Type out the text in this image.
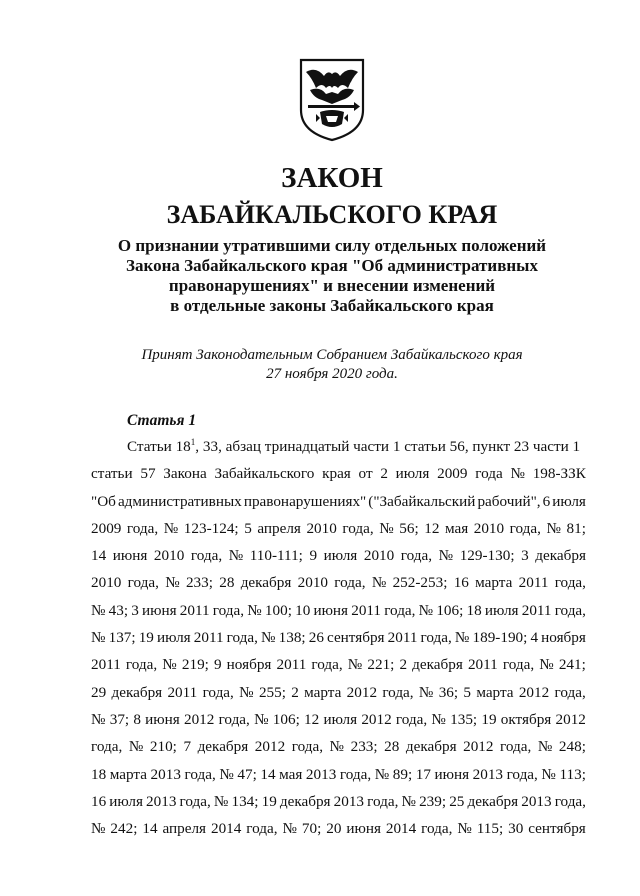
ЗАКОН
ЗАБАЙКАЛЬСКОГО КРАЯ
О признании утратившими силу отдельных положений
Закона Забайкальского края "Об административных
правонарушениях" и внесении изменений
в отдельные законы Забайкальского края
Принят Законодательным Собранием Забайкальского края
27 ноября 2020 года.
Статья 1
Статьи $18^1$, 33, абзац тринадцатый части 1 статьи 56, пункт 23 части 1
статьи 57 Закона Забайкальского края от 2 июля 2009 года № 198-ЗЗК
"Об административных правонарушениях" ("Забайкальский рабочий", 6 июля
2009 года, № 123-124; 5 апреля 2010 года, № 56; 12 мая 2010 года, № 81;
14 июня 2010 года, № 110-111; 9 июля 2010 года, № 129-130; 3 декабря
2010 года, № 233; 28 декабря 2010 года, № 252-253; 16 марта 2011 года,
№ 43; 3 июня 2011 года, № 100; 10 июня 2011 года, № 106; 18 июля 2011 года,
№ 137; 19 июля 2011 года, № 138; 26 сентября 2011 года, № 189-190; 4 ноября
2011 года, № 219; 9 ноября 2011 года, № 221; 2 декабря 2011 года, № 241;
29 декабря 2011 года, № 255; 2 марта 2012 года, № 36; 5 марта 2012 года,
№ 37; 8 июня 2012 года, № 106; 12 июля 2012 года, № 135; 19 октября 2012
года, № 210; 7 декабря 2012 года, № 233; 28 декабря 2012 года, № 248;
18 марта 2013 года, № 47; 14 мая 2013 года, № 89; 17 июня 2013 года, № 113;
16 июля 2013 года, № 134; 19 декабря 2013 года, № 239; 25 декабря 2013 года,
№ 242; 14 апреля 2014 года, № 70; 20 июня 2014 года, № 115; 30 сентября
